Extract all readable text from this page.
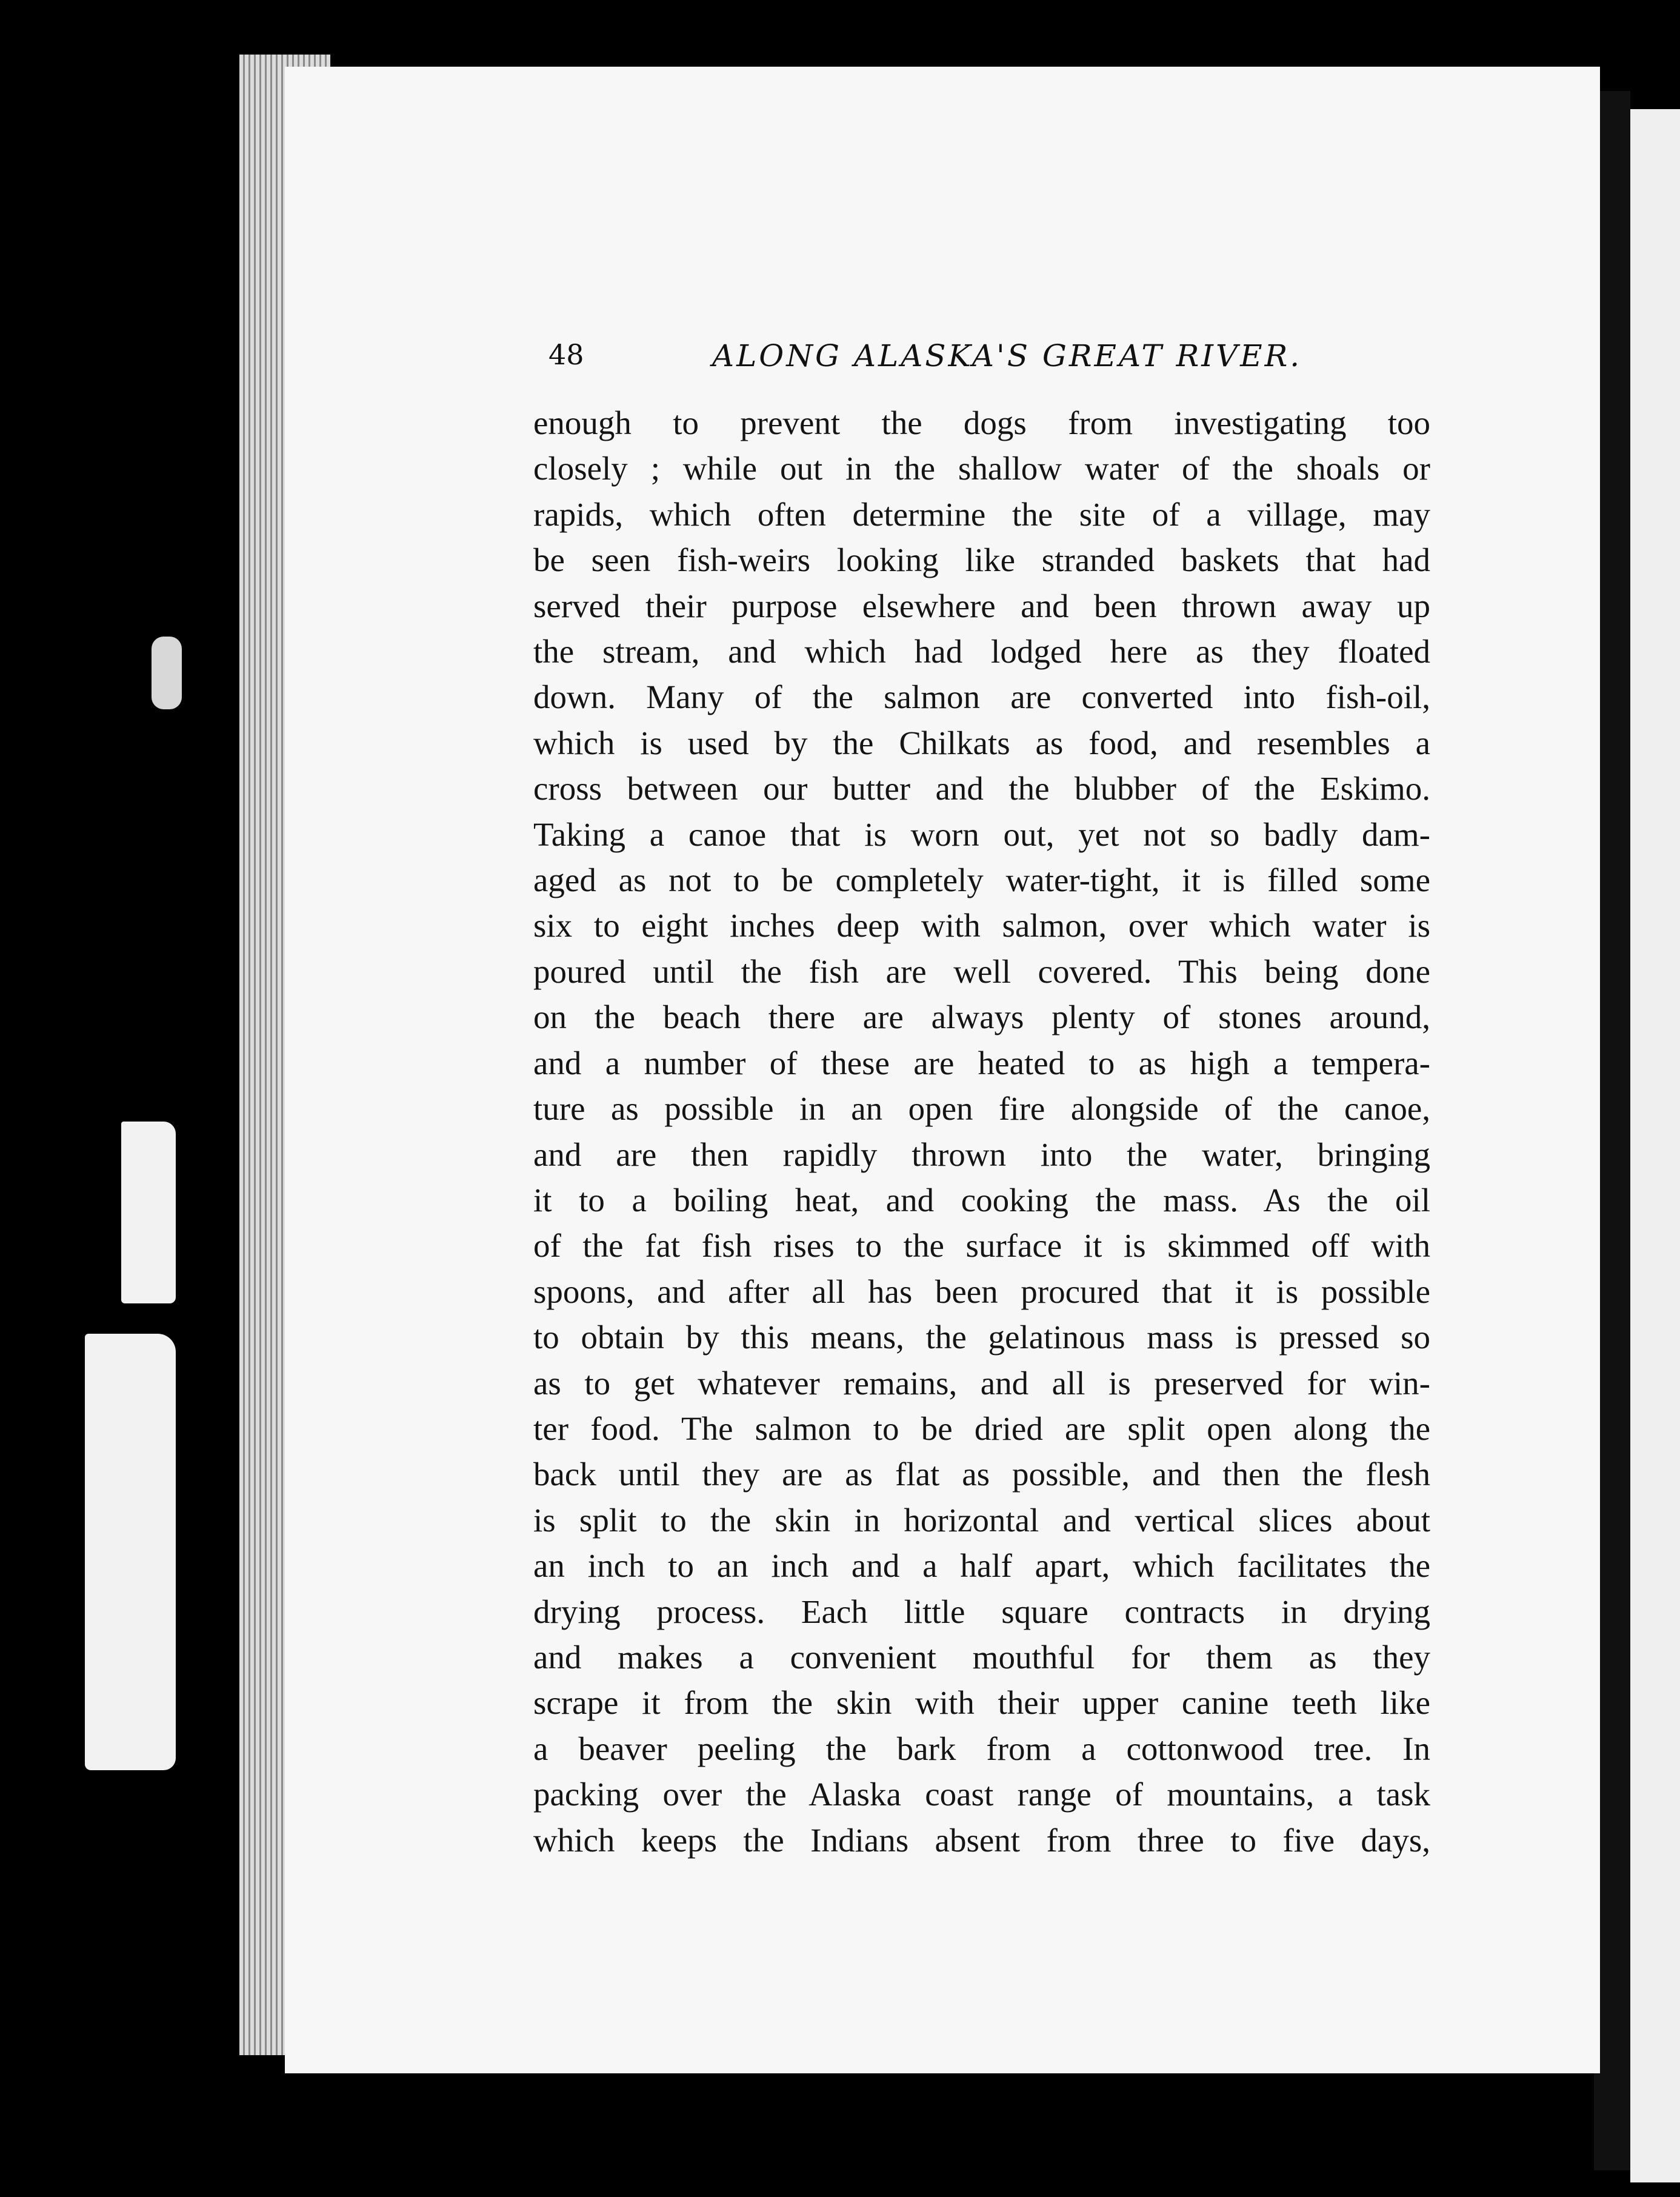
48	ALONG ALASKA'S GREAT RIVER.
enough to prevent the dogs from investigating too
closely ; while out in the shallow water of the shoals or
rapids, which often determine the site of a village, may
be seen fish-weirs looking like stranded baskets that had
served their purpose elsewhere and been thrown away up
the stream, and which had lodged here as they floated
down. Many of the salmon are converted into fish-oil,
which is used by the Chilkats as food, and resembles a
cross between our butter and the blubber of the Eskimo.
Taking a canoe that is worn out, yet not so badly dam-
aged as not to be completely water-tight, it is filled some
six to eight inches deep with salmon, over which water is
poured until the fish are well covered. This being done
on the beach there are always plenty of stones around,
and a number of these are heated to as high a tempera-
ture as possible in an open fire alongside of the canoe,
and are then rapidly thrown into the water, bringing
it to a boiling heat, and cooking the mass. As the oil
of the fat fish rises to the surface it is skimmed off with
spoons, and after all has been procured that it is possible
to obtain by this means, the gelatinous mass is pressed so
as to get whatever remains, and all is preserved for win-
ter food. The salmon to be dried are split open along the
back until they are as flat as possible, and then the flesh
is split to the skin in horizontal and vertical slices about
an inch to an inch and a half apart, which facilitates the
drying process. Each little square contracts in drying
and makes a convenient mouthful for them as they
scrape it from the skin with their upper canine teeth like
a beaver peeling the bark from a cottonwood tree. In
packing over the Alaska coast range of mountains, a task
which keeps the Indians absent from three to five days,
